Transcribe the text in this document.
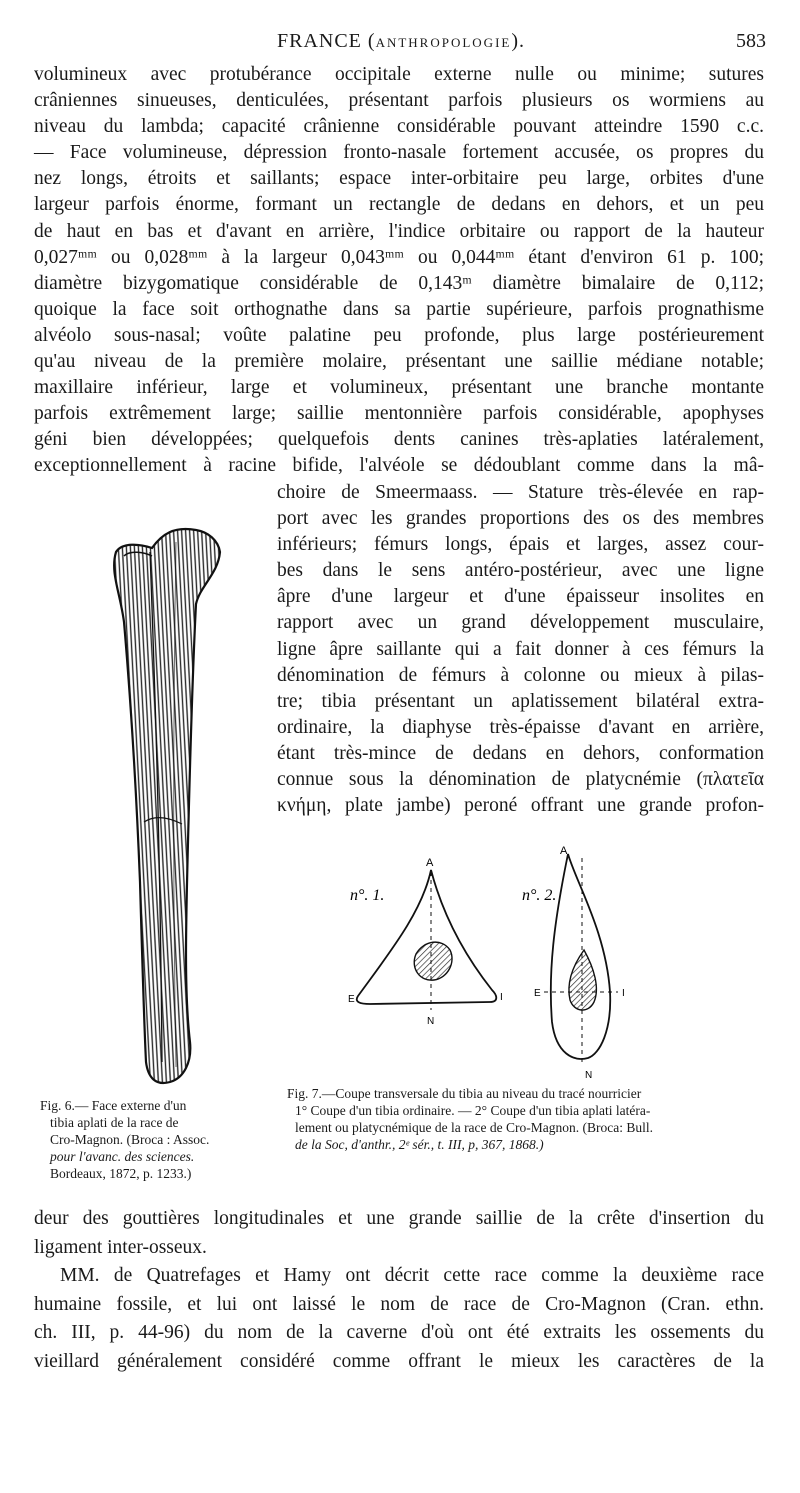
FRANCE (ANTHROPOLOGIE).	583
volumineux avec protubérance occipitale externe nulle ou minime; sutures
crâniennes sinueuses, denticulées, présentant parfois plusieurs os wormiens au
niveau du lambda; capacité crânienne considérable pouvant atteindre 1590 c.c.
— Face volumineuse, dépression fronto-nasale fortement accusée, os propres du
nez longs, étroits et saillants; espace inter-orbitaire peu large, orbites d'une
largeur parfois énorme, formant un rectangle de dedans en dehors, et un peu
de haut en bas et d'avant en arrière, l'indice orbitaire ou rapport de la hauteur
0,027ᵐᵐ ou 0,028ᵐᵐ à la largeur 0,043ᵐᵐ ou 0,044ᵐᵐ étant d'environ 61 p. 100;
diamètre bizygomatique considérable de 0,143ᵐ diamètre bimalaire de 0,112;
quoique la face soit orthognathe dans sa partie supérieure, parfois prognathisme
alvéolo sous-nasal; voûte palatine peu profonde, plus large postérieurement
qu'au niveau de la première molaire, présentant une saillie médiane notable;
maxillaire inférieur, large et volumineux, présentant une branche montante
parfois extrêmement large; saillie mentonnière parfois considérable, apophyses
géni bien développées; quelquefois dents canines très-aplaties latéralement,
exceptionnellement à racine bifide, l'alvéole se dédoublant comme dans la mâ-
choire de Smeermaass. — Stature très-élevée en rap-
port avec les grandes proportions des os des membres
inférieurs; fémurs longs, épais et larges, assez cour-
bes dans le sens antéro-postérieur, avec une ligne
âpre d'une largeur et d'une épaisseur insolites en
rapport avec un grand développement musculaire,
ligne âpre saillante qui a fait donner à ces fémurs la
dénomination de fémurs à colonne ou mieux à pilas-
tre; tibia présentant un aplatissement bilatéral extra-
ordinaire, la diaphyse très-épaisse d'avant en arrière,
étant très-mince de dedans en dehors, conformation
connue sous la dénomination de platycnémie (πλατεῖα
κνήμη, plate jambe) peroné offrant une grande profon-
A
E	I
N
n°. 1.
A
E	I
N
n°. 2.
Fig. 6.— Face externe d'un
tibia aplati de la race de
Cro-Magnon. (Broca : Assoc.
pour l'avanc. des sciences.
Bordeaux, 1872, p. 1233.)
Fig. 7.—Coupe transversale du tibia au niveau du tracé nourricier
1° Coupe d'un tibia ordinaire. — 2° Coupe d'un tibia aplati latéra-
lement ou platycnémique de la race de Cro-Magnon. (Broca: Bull.
de la Soc, d'anthr., 2ᵉ sér., t. III, p, 367, 1868.)
deur des gouttières longitudinales et une grande saillie de la crête d'insertion du
ligament inter-osseux.
MM. de Quatrefages et Hamy ont décrit cette race comme la deuxième race
humaine fossile, et lui ont laissé le nom de race de Cro-Magnon (Cran. ethn.
ch. III, p. 44-96) du nom de la caverne d'où ont été extraits les ossements du
vieillard généralement considéré comme offrant le mieux les caractères de la
